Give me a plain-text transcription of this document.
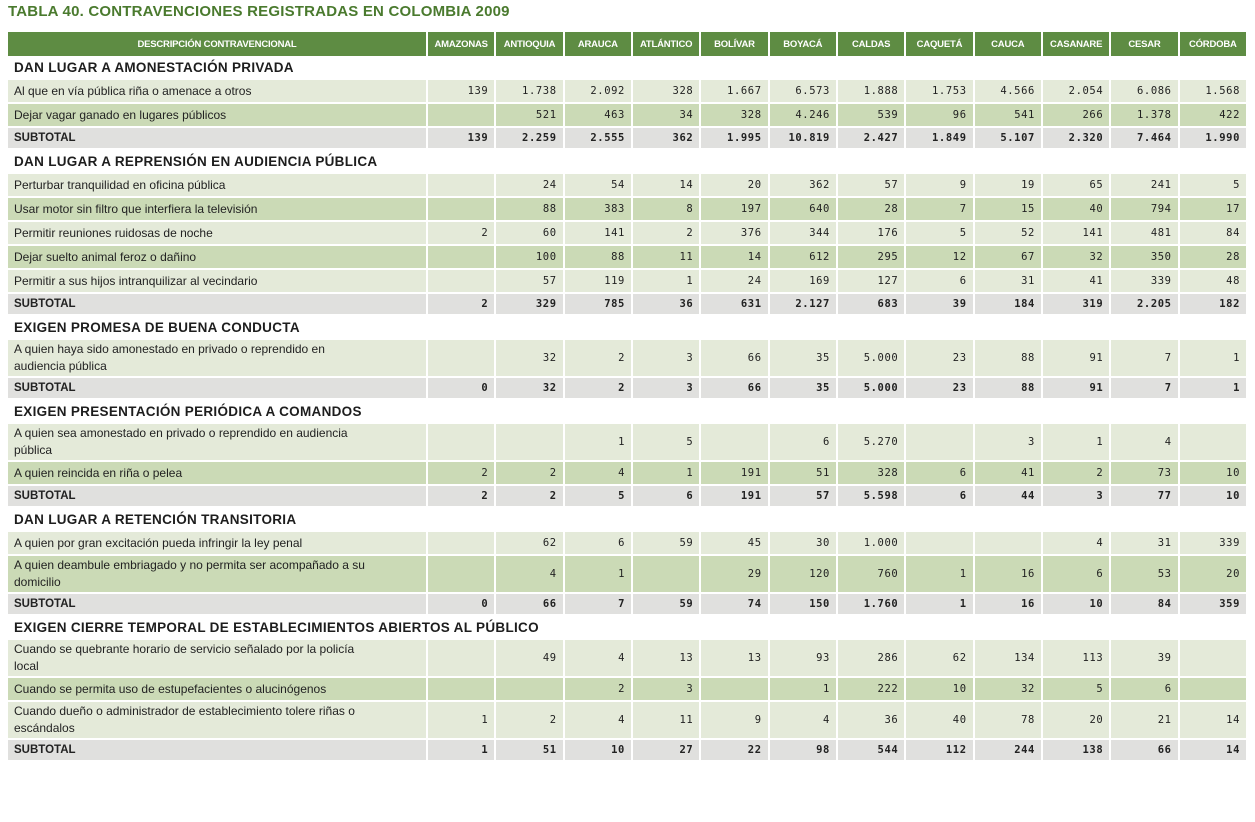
TABLA 40. CONTRAVENCIONES REGISTRADAS EN COLOMBIA 2009
DESCRIPCIÓN CONTRAVENCIONAL	AMAZONAS	ANTIOQUIA	ARAUCA	ATLÁNTICO	BOLÍVAR	BOYACÁ	CALDAS	CAQUETÁ	CAUCA	CASANARE	CESAR	CÓRDOBA
DAN LUGAR A AMONESTACIÓN PRIVADA												
Al que en vía pública riña o amenace a otros	139	1.738	2.092	328	1.667	6.573	1.888	1.753	4.566	2.054	6.086	1.568
Dejar vagar ganado en lugares públicos		521	463	34	328	4.246	539	96	541	266	1.378	422
SUBTOTAL	139	2.259	2.555	362	1.995	10.819	2.427	1.849	5.107	2.320	7.464	1.990
DAN LUGAR A REPRENSIÓN EN AUDIENCIA PÚBLICA												
Perturbar tranquilidad en oficina pública		24	54	14	20	362	57	9	19	65	241	5
Usar motor sin filtro que interfiera la televisión		88	383	8	197	640	28	7	15	40	794	17
Permitir reuniones ruidosas de noche	2	60	141	2	376	344	176	5	52	141	481	84
Dejar suelto animal feroz o dañino		100	88	11	14	612	295	12	67	32	350	28
Permitir a sus hijos intranquilizar al vecindario		57	119	1	24	169	127	6	31	41	339	48
SUBTOTAL	2	329	785	36	631	2.127	683	39	184	319	2.205	182
EXIGEN PROMESA DE BUENA CONDUCTA												
A quien haya sido amonestado en privado o reprendido en audiencia pública		32	2	3	66	35	5.000	23	88	91	7	1
SUBTOTAL	0	32	2	3	66	35	5.000	23	88	91	7	1
EXIGEN PRESENTACIÓN PERIÓDICA A COMANDOS												
A quien sea amonestado en privado o reprendido en audiencia pública			1	5		6	5.270		3	1	4	
A quien reincida en riña o pelea	2	2	4	1	191	51	328	6	41	2	73	10
SUBTOTAL	2	2	5	6	191	57	5.598	6	44	3	77	10
DAN LUGAR A RETENCIÓN TRANSITORIA												
A quien por gran excitación pueda infringir la ley penal		62	6	59	45	30	1.000			4	31	339
A quien deambule embriagado y no permita ser acompañado a su domicilio		4	1		29	120	760	1	16	6	53	20
SUBTOTAL	0	66	7	59	74	150	1.760	1	16	10	84	359
EXIGEN CIERRE TEMPORAL DE ESTABLECIMIENTOS ABIERTOS AL PÚBLICO												
Cuando se quebrante horario de servicio señalado por la policía local		49	4	13	13	93	286	62	134	113	39	
Cuando se permita uso de estupefacientes o alucinógenos			2	3		1	222	10	32	5	6	
Cuando dueño o administrador de establecimiento tolere riñas o escándalos	1	2	4	11	9	4	36	40	78	20	21	14
SUBTOTAL	1	51	10	27	22	98	544	112	244	138	66	14
